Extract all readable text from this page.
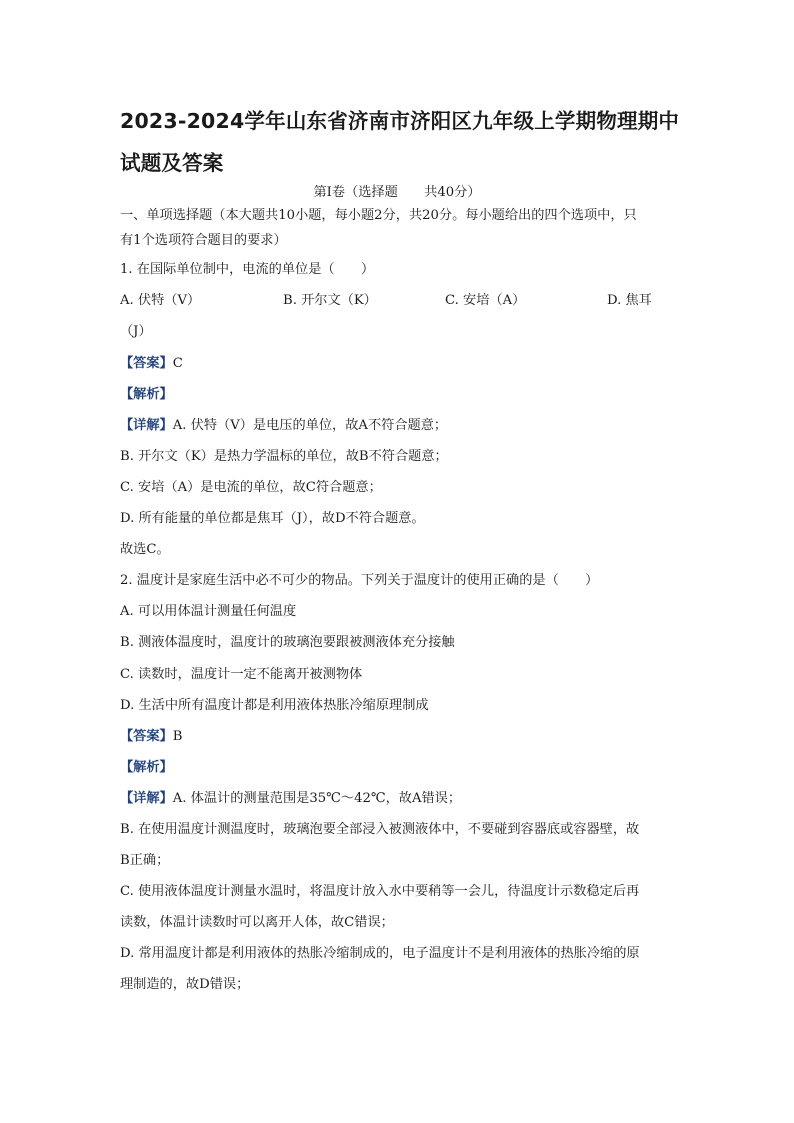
2023-2024学年山东省济南市济阳区九年级上学期物理期中
试题及答案
第I卷（选择题　　共40分）
一、单项选择题（本大题共10小题，每小题2分，共20分。每小题给出的四个选项中，只
有1个选项符合题目的要求）
1. 在国际单位制中，电流的单位是（　　）
A. 伏特（V）	B. 开尔文（K）	C. 安培（A）	D. 焦耳
（J）
【答案】C
【解析】
【详解】A. 伏特（V）是电压的单位，故A不符合题意；
B. 开尔文（K）是热力学温标的单位，故B不符合题意；
C. 安培（A）是电流的单位，故C符合题意；
D. 所有能量的单位都是焦耳（J），故D不符合题意。
故选C。
2. 温度计是家庭生活中必不可少的物品。下列关于温度计的使用正确的是（　　）
A. 可以用体温计测量任何温度
B. 测液体温度时，温度计的玻璃泡要跟被测液体充分接触
C. 读数时，温度计一定不能离开被测物体
D. 生活中所有温度计都是利用液体热胀冷缩原理制成
【答案】B
【解析】
【详解】A. 体温计的测量范围是35℃～42℃，故A错误；
B. 在使用温度计测温度时，玻璃泡要全部浸入被测液体中，不要碰到容器底或容器壁，故
B正确；
C. 使用液体温度计测量水温时，将温度计放入水中要稍等一会儿，待温度计示数稳定后再
读数，体温计读数时可以离开人体，故C错误；
D. 常用温度计都是利用液体的热胀冷缩制成的，电子温度计不是利用液体的热胀冷缩的原
理制造的，故D错误；
